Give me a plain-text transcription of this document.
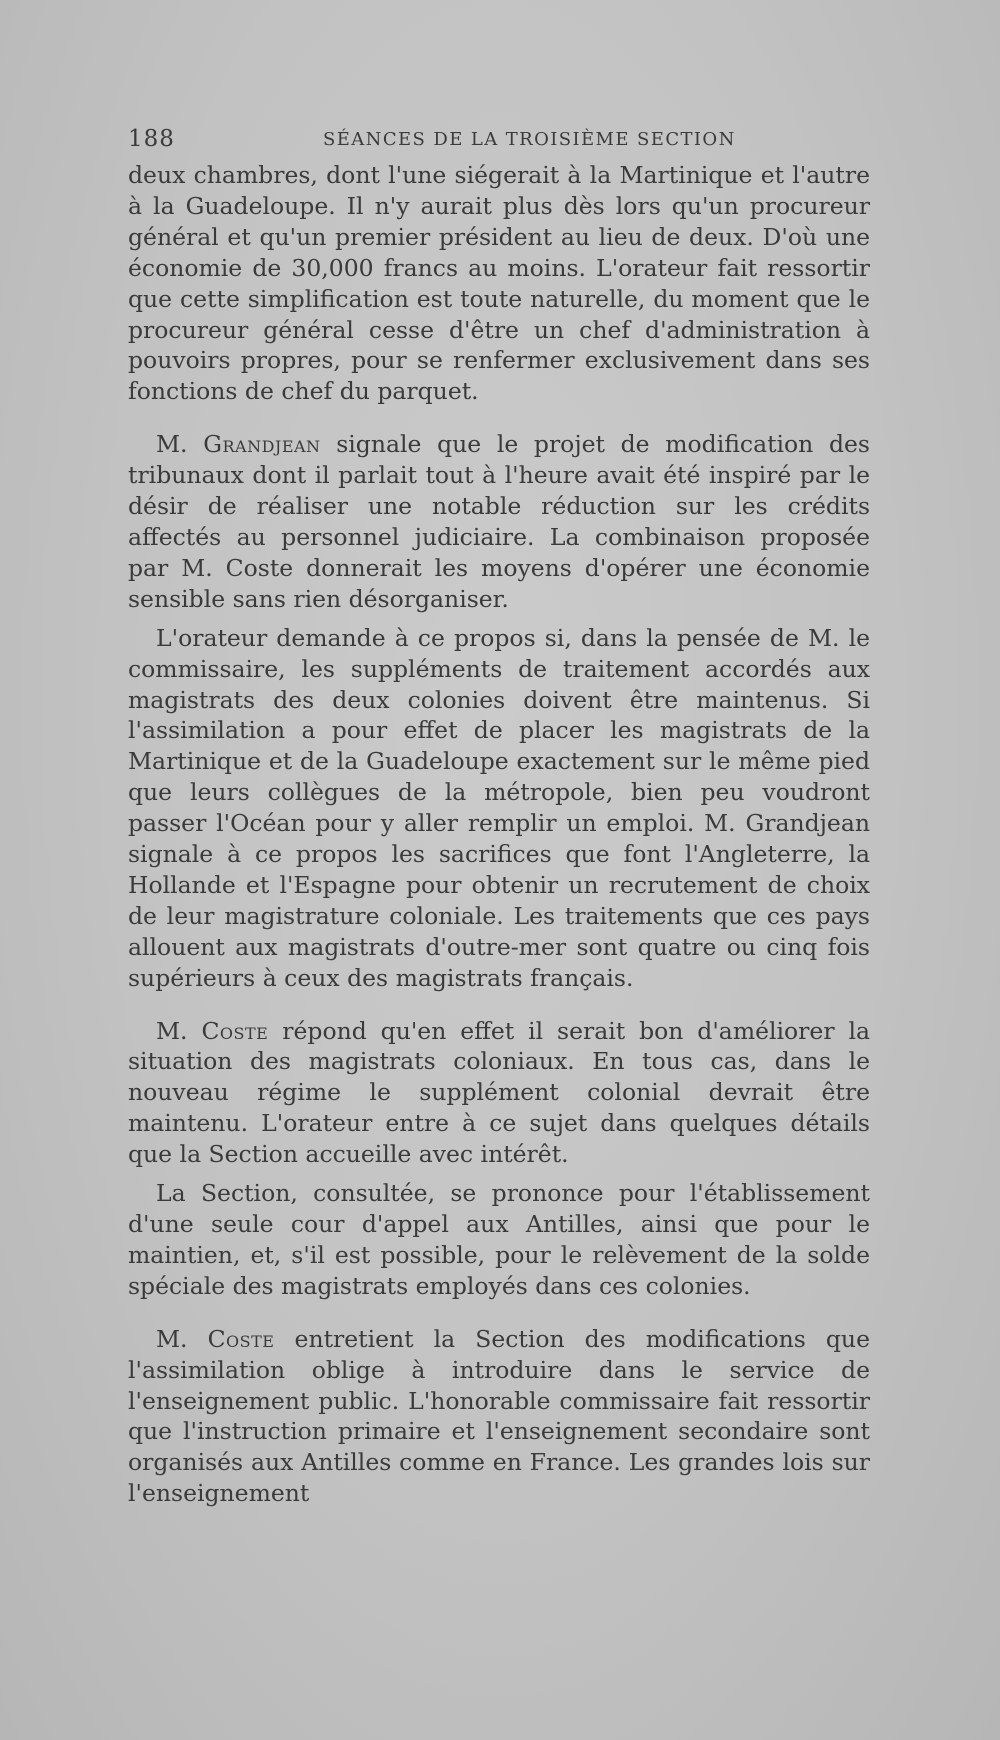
188	SÉANCES DE LA TROISIÈME SECTION

deux chambres, dont l'une siégerait à la Martinique et l'autre à la Guadeloupe. Il n'y aurait plus dès lors qu'un procureur général et qu'un premier président au lieu de deux. D'où une économie de 30,000 francs au moins. L'orateur fait ressortir que cette simplification est toute naturelle, du moment que le procureur général cesse d'être un chef d'administration à pouvoirs propres, pour se renfermer exclusivement dans ses fonctions de chef du parquet.

M. Grandjean signale que le projet de modification des tribunaux dont il parlait tout à l'heure avait été inspiré par le désir de réaliser une notable réduction sur les crédits affectés au personnel judiciaire. La combinaison proposée par M. Coste donnerait les moyens d'opérer une économie sensible sans rien désorganiser.

L'orateur demande à ce propos si, dans la pensée de M. le commissaire, les suppléments de traitement accordés aux magistrats des deux colonies doivent être maintenus. Si l'assimilation a pour effet de placer les magistrats de la Martinique et de la Guadeloupe exactement sur le même pied que leurs collègues de la métropole, bien peu voudront passer l'Océan pour y aller remplir un emploi. M. Grandjean signale à ce propos les sacrifices que font l'Angleterre, la Hollande et l'Espagne pour obtenir un recrutement de choix de leur magistrature coloniale. Les traitements que ces pays allouent aux magistrats d'outre-mer sont quatre ou cinq fois supérieurs à ceux des magistrats français.

M. Coste répond qu'en effet il serait bon d'améliorer la situation des magistrats coloniaux. En tous cas, dans le nouveau régime le supplément colonial devrait être maintenu. L'orateur entre à ce sujet dans quelques détails que la Section accueille avec intérêt.

La Section, consultée, se prononce pour l'établissement d'une seule cour d'appel aux Antilles, ainsi que pour le maintien, et, s'il est possible, pour le relèvement de la solde spéciale des magistrats employés dans ces colonies.

M. Coste entretient la Section des modifications que l'assimilation oblige à introduire dans le service de l'enseignement public. L'honorable commissaire fait ressortir que l'instruction primaire et l'enseignement secondaire sont organisés aux Antilles comme en France. Les grandes lois sur l'enseignement
